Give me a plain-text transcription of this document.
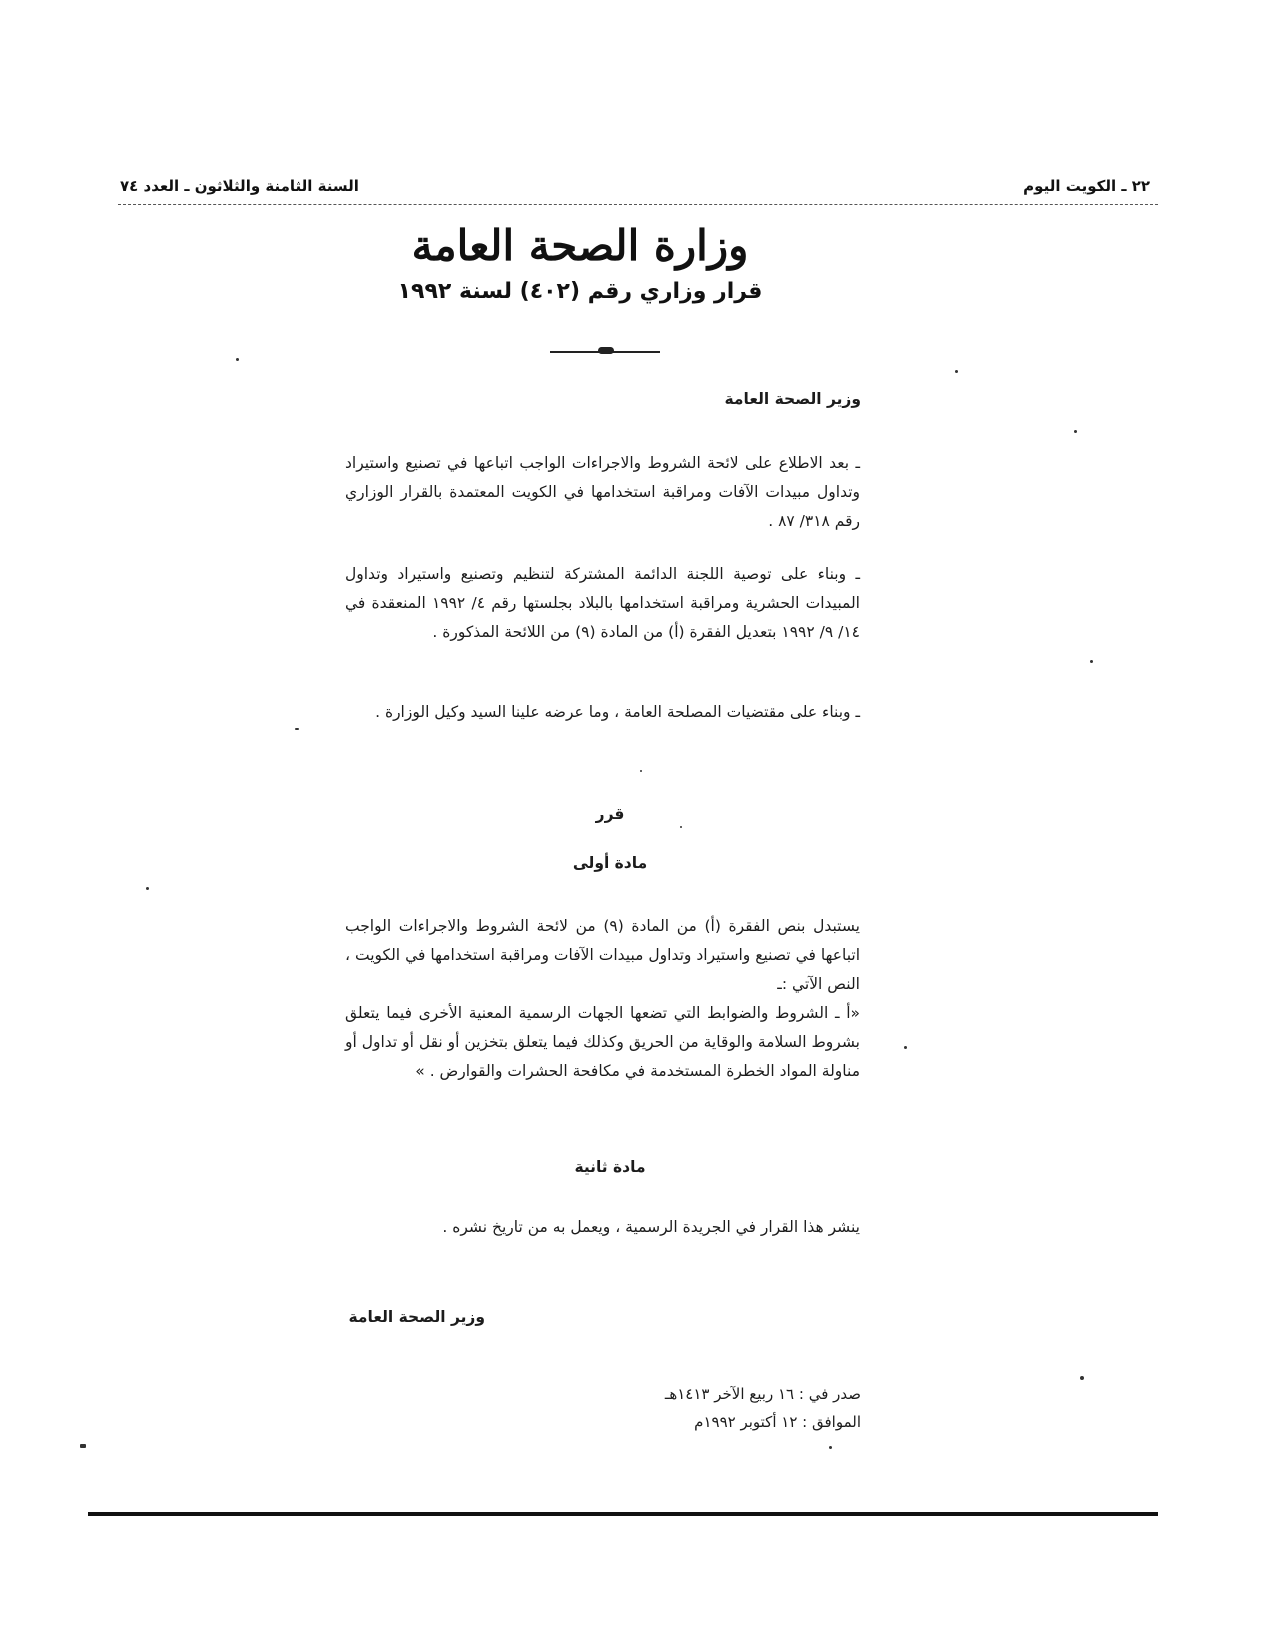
٢٢ ـ الكويت اليوم
السنة الثامنة والثلاثون ـ العدد ٧٤
وزارة الصحة العامة
قرار وزاري رقم (٤٠٢) لسنة ١٩٩٢
وزير الصحة العامة
ـ بعد الاطلاع على لائحة الشروط والاجراءات الواجب اتباعها في تصنيع واستيراد وتداول مبيدات الآفات ومراقبة استخدامها في الكويت المعتمدة بالقرار الوزاري رقم ٣١٨/ ٨٧ .
ـ وبناء على توصية اللجنة الدائمة المشتركة لتنظيم وتصنيع واستيراد وتداول المبيدات الحشرية ومراقبة استخدامها بالبلاد بجلستها رقم ٤/ ١٩٩٢ المنعقدة في ١٤/ ٩/ ١٩٩٢ بتعديل الفقرة (أ) من المادة (٩) من اللائحة المذكورة .
ـ وبناء على مقتضيات المصلحة العامة ، وما عرضه علينا السيد وكيل الوزارة .
قرر
مادة أولى

يستبدل بنص الفقرة (أ) من المادة (٩) من لائحة الشروط والاجراءات الواجب اتباعها في تصنيع واستيراد وتداول مبيدات الآفات ومراقبة استخدامها في الكويت ، النص الآتي :ـ

«أ ـ الشروط والضوابط التي تضعها الجهات الرسمية المعنية الأخرى فيما يتعلق بشروط السلامة والوقاية من الحريق وكذلك فيما يتعلق بتخزين أو نقل أو تداول أو مناولة المواد الخطرة المستخدمة في مكافحة الحشرات والقوارض . »

مادة ثانية

ينشر هذا القرار في الجريدة الرسمية ، ويعمل به من تاريخ نشره .

وزير الصحة العامة
صدر في : ١٦ ربيع الآخر ١٤١٣هـ
الموافق : ١٢ أكتوبر ١٩٩٢م
